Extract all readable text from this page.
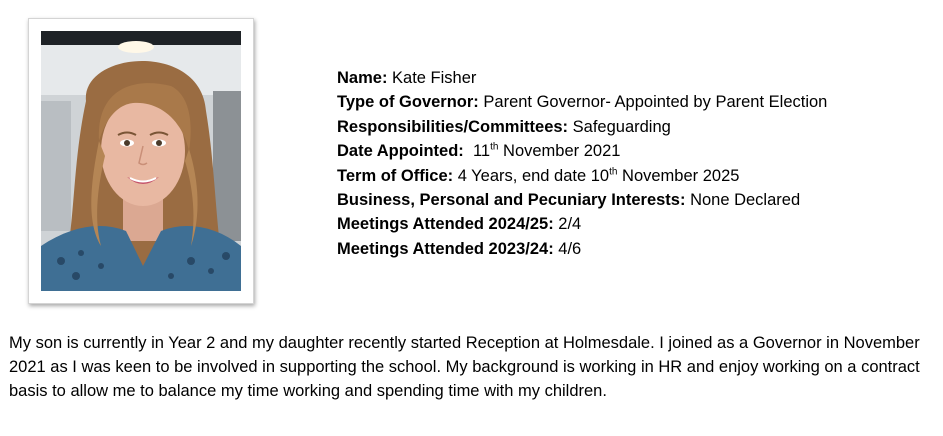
Name: Kate Fisher
Type of Governor: Parent Governor- Appointed by Parent Election
Responsibilities/Committees: Safeguarding
Date Appointed: 11th November 2021
Term of Office: 4 Years, end date 10th November 2025
Business, Personal and Pecuniary Interests: None Declared
Meetings Attended 2024/25: 2/4
Meetings Attended 2023/24: 4/6

My son is currently in Year 2 and my daughter recently started Reception at Holmesdale. I joined as a Governor in November 2021 as I was keen to be involved in supporting the school. My background is working in HR and enjoy working on a contract basis to allow me to balance my time working and spending time with my children.
